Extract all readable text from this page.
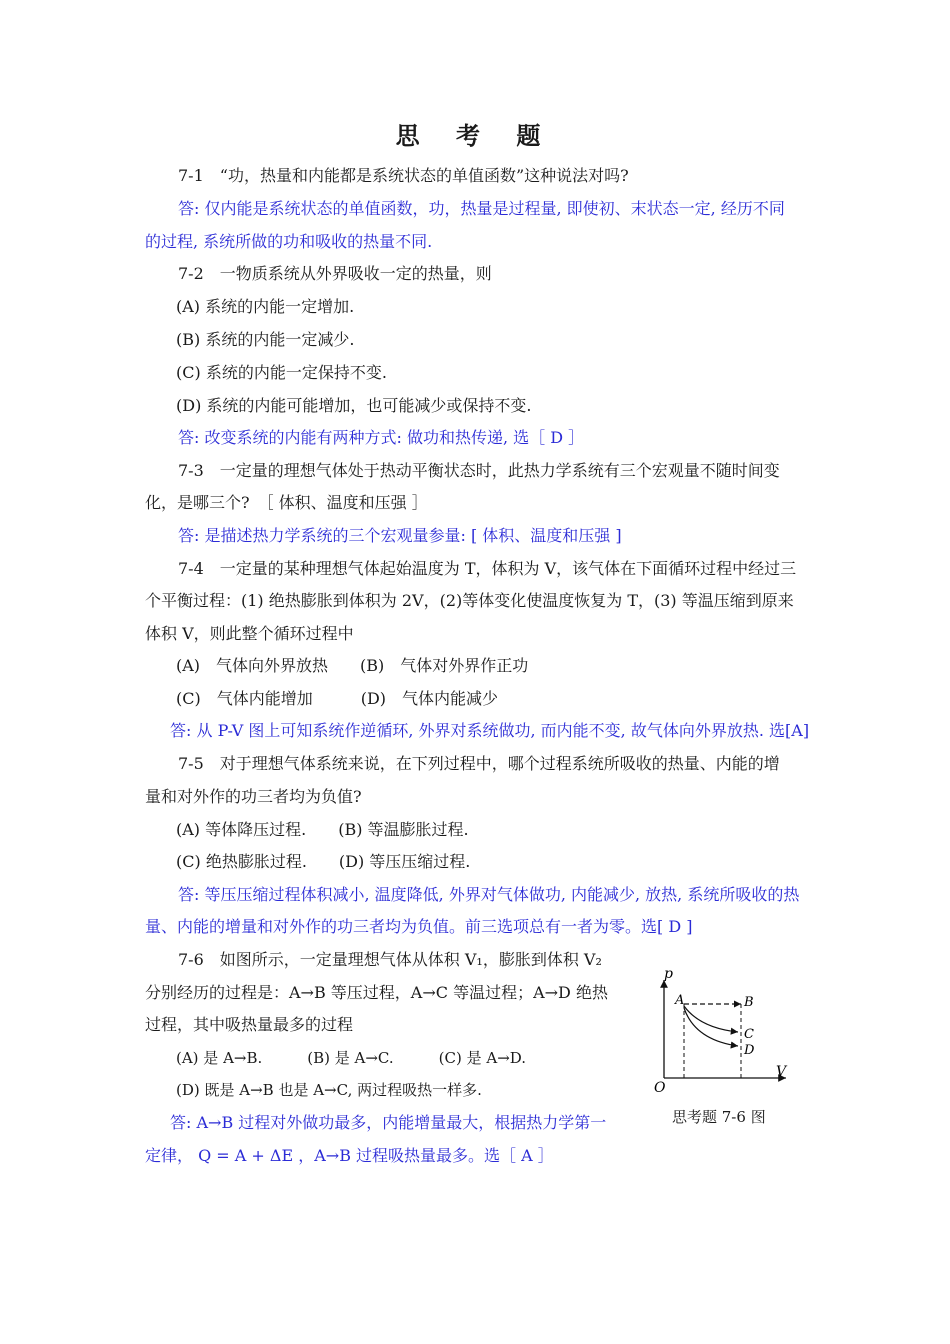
思 考 题
7-1　“功，热量和内能都是系统状态的单值函数”这种说法对吗?
答: 仅内能是系统状态的单值函数，功，热量是过程量, 即使初、末状态一定, 经历不同
的过程, 系统所做的功和吸收的热量不同.
7-2　一物质系统从外界吸收一定的热量，则
(A) 系统的内能一定增加.
(B) 系统的内能一定减少.
(C) 系统的内能一定保持不变.
(D) 系统的内能可能增加，也可能减少或保持不变.
答: 改变系统的内能有两种方式: 做功和热传递, 选［ D ］
7-3　一定量的理想气体处于热动平衡状态时，此热力学系统有三个宏观量不随时间变
化，是哪三个?　［ 体积、温度和压强 ］
答: 是描述热力学系统的三个宏观量参量: [ 体积、温度和压强 ]
7-4　一定量的某种理想气体起始温度为 T，体积为 V，该气体在下面循环过程中经过三
个平衡过程：(1) 绝热膨胀到体积为 2V，(2)等体变化使温度恢复为 T，(3) 等温压缩到原来
体积 V，则此整个循环过程中
(A)　气体向外界放热　　(B)　气体对外界作正功
(C)　气体内能增加　　　(D)　气体内能减少
答: 从 P-V 图上可知系统作逆循环, 外界对系统做功, 而内能不变, 故气体向外界放热. 选[A]
7-5　对于理想气体系统来说，在下列过程中，哪个过程系统所吸收的热量、内能的增
量和对外作的功三者均为负值?
(A) 等体降压过程.　　(B) 等温膨胀过程.
(C) 绝热膨胀过程.　　(D) 等压压缩过程.
答: 等压压缩过程体积减小, 温度降低, 外界对气体做功, 内能减少, 放热, 系统所吸收的热
量、内能的增量和对外作的功三者均为负值。前三选项总有一者为零。选[ D ]
7-6　如图所示，一定量理想气体从体积 V₁，膨胀到体积 V₂
分别经历的过程是：A→B 等压过程，A→C 等温过程；A→D 绝热
过程，其中吸热量最多的过程
(A) 是 A→B.　　　(B) 是 A→C.　　　(C) 是 A→D.
(D) 既是 A→B 也是 A→C, 两过程吸热一样多.
答: A→B 过程对外做功最多，内能增量最大，根据热力学第一
定律， Q = A + ΔE ，A→B 过程吸热量最多。选［ A ］
p
V
O
A	B
C
D
思考题 7-6 图
